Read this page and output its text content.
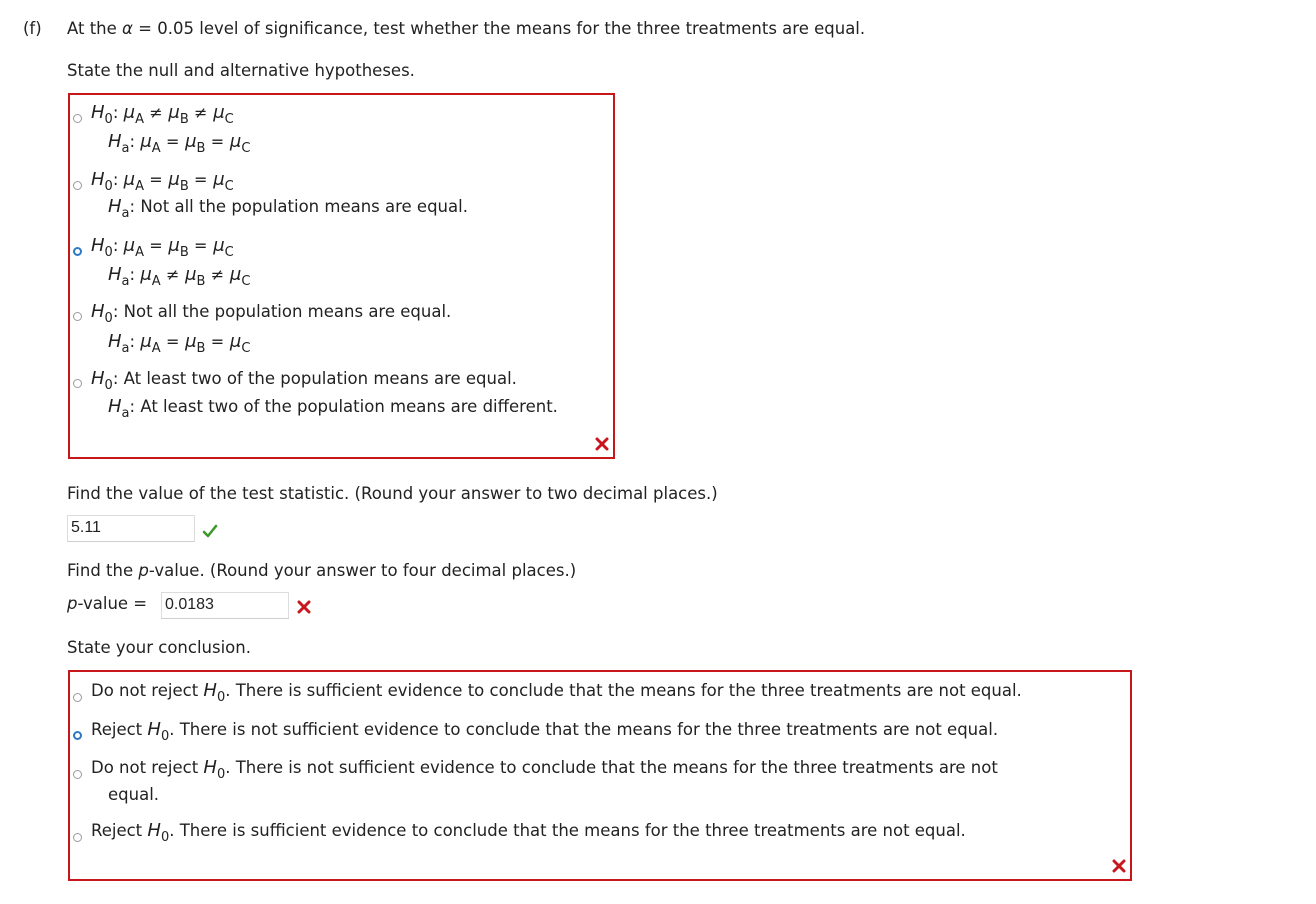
(f) At the α = 0.05 level of significance, test whether the means for the three treatments are equal.
State the null and alternative hypotheses.
$H_0$: $\mu_A \ne \mu_B \ne \mu_C$
$H_a$: $\mu_A = \mu_B = \mu_C$
$H_0$: $\mu_A = \mu_B = \mu_C$
$H_a$: Not all the population means are equal.
$H_0$: $\mu_A = \mu_B = \mu_C$
$H_a$: $\mu_A \ne \mu_B \ne \mu_C$
$H_0$: Not all the population means are equal.
$H_a$: $\mu_A = \mu_B = \mu_C$
$H_0$: At least two of the population means are equal.
$H_a$: At least two of the population means are different.
Find the value of the test statistic. (Round your answer to two decimal places.)
5.11
Find the p-value. (Round your answer to four decimal places.)
p-value = 0.0183
State your conclusion.
Do not reject $H_0$. There is sufficient evidence to conclude that the means for the three treatments are not equal.
Reject $H_0$. There is not sufficient evidence to conclude that the means for the three treatments are not equal.
Do not reject $H_0$. There is not sufficient evidence to conclude that the means for the three treatments are not
equal.
Reject $H_0$. There is sufficient evidence to conclude that the means for the three treatments are not equal.
